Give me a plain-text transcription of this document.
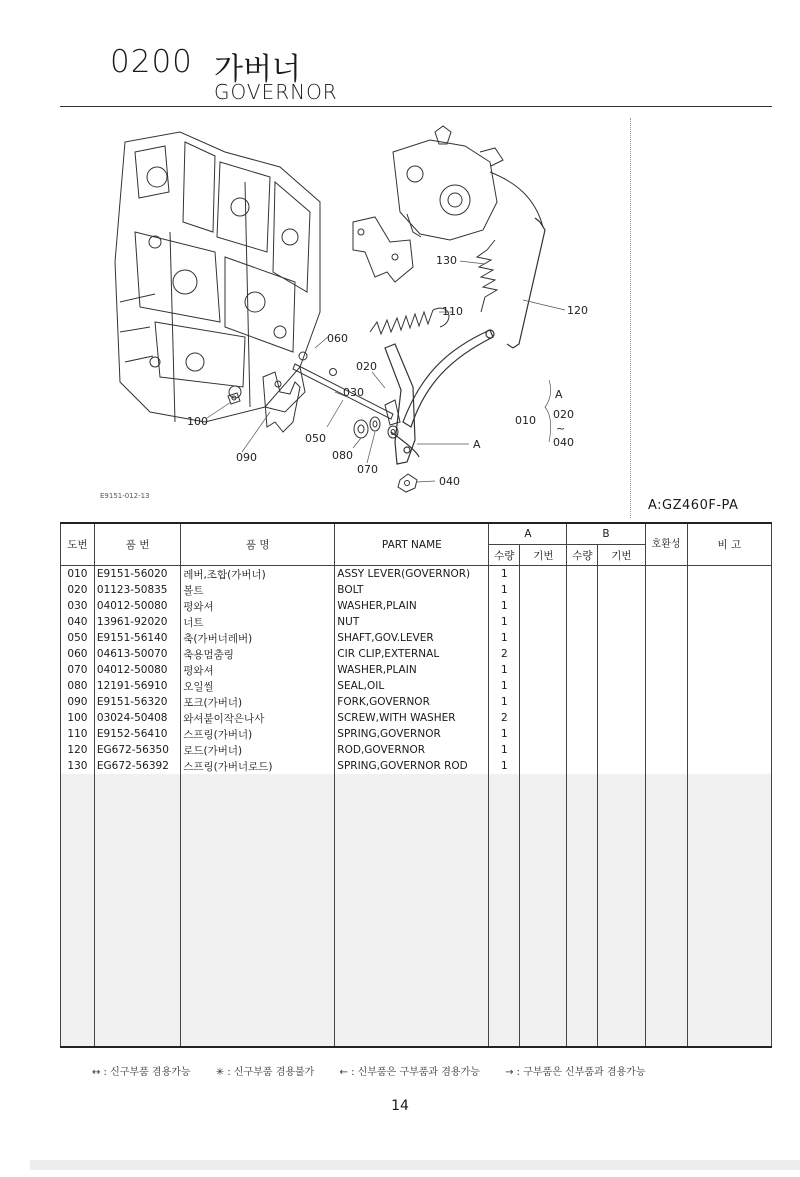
0200 가버너
GOVERNOR
130
120
110
060
020
030
100
050
080
070
090
040
A
010
A
020
~
040
E9151-012-13
A:GZ460F-PA
도번	품 번	품 명	PART NAME	A		B		호환성	비 고
				수량	기번	수량	기번		
010	E9151-56020	레버,조합(가버너)	ASSY LEVER(GOVERNOR)	1					
020	01123-50835	볼트	BOLT	1					
030	04012-50080	평와셔	WASHER,PLAIN	1					
040	13961-92020	너트	NUT	1					
050	E9151-56140	축(가버너레버)	SHAFT,GOV.LEVER	1					
060	04613-50070	축용멈춤링	CIR CLIP,EXTERNAL	2					
070	04012-50080	평와셔	WASHER,PLAIN	1					
080	12191-56910	오일씰	SEAL,OIL	1					
090	E9151-56320	포크(가버너)	FORK,GOVERNOR	1					
100	03024-50408	와셔붙이작은나사	SCREW,WITH WASHER	2					
110	E9152-56410	스프링(가버너)	SPRING,GOVERNOR	1					
120	EG672-56350	로드(가버너)	ROD,GOVERNOR	1					
130	EG672-56392	스프링(가버너로드)	SPRING,GOVERNOR ROD	1					

↔ : 신구부품 겸용가능	✳ : 신구부품 겸용불가	← : 신부품은 구부품과 겸용가능	→ : 구부품은 신부품과 겸용가능
14
